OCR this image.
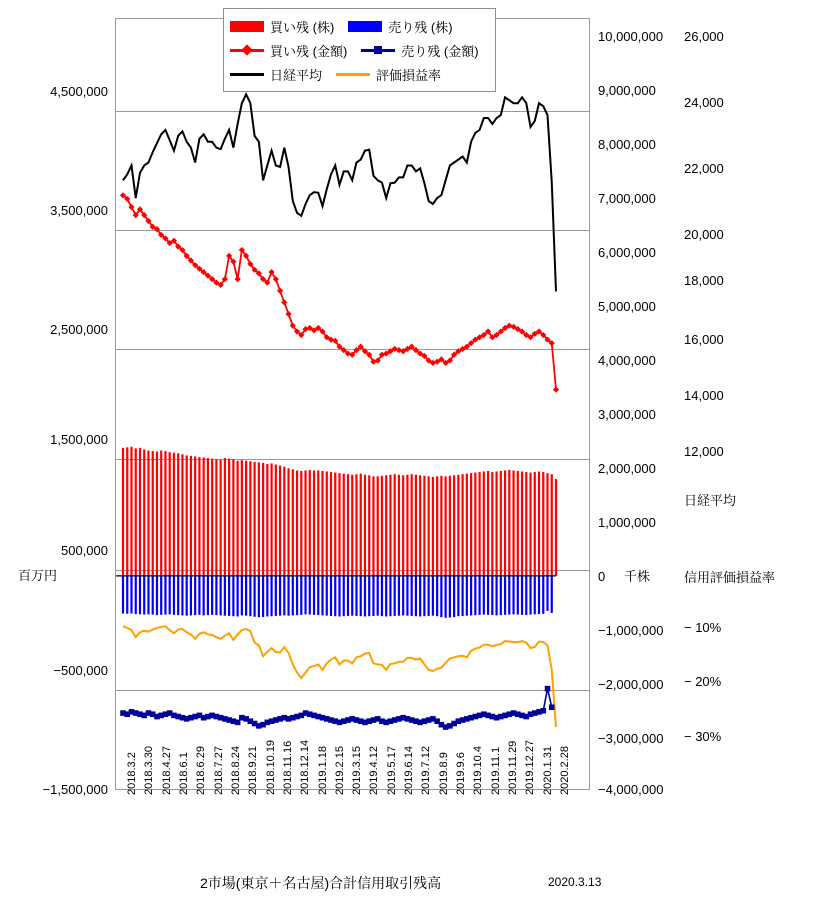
4,500,000
3,500,000
2,500,000
1,500,000
500,000
−500,000
−1,500,000
百万円
10,000,000
9,000,000
8,000,000
7,000,000
6,000,000
5,000,000
4,000,000
3,000,000
2,000,000
1,000,000
0
−1,000,000
−2,000,000
−3,000,000
−4,000,000
千株
26,000
24,000
22,000
20,000
18,000
16,000
14,000
12,000
日経平均
信用評価損益率
− 10%
− 20%
− 30%
2018.3.2 2018.3.30 2018.4.27 2018.6.1 2018.6.29 2018.7.27 2018.8.24 2018.9.21 2018.10.19 2018.11.16 2018.12.14 2019.1.18 2019.2.15 2019.3.15 2019.4.12 2019.5.17 2019.6.14 2019.7.12 2019.8.9 2019.9.6 2019.10.4 2019.11.1 2019.11.29 2019.12.27 2020.1.31 2020.2.28
買い残 (株)	売り残 (株)
買い残 (金額)	売り残 (金額)
日経平均	評価損益率
2市場(東京＋名古屋)合計信用取引残高	2020.3.13
